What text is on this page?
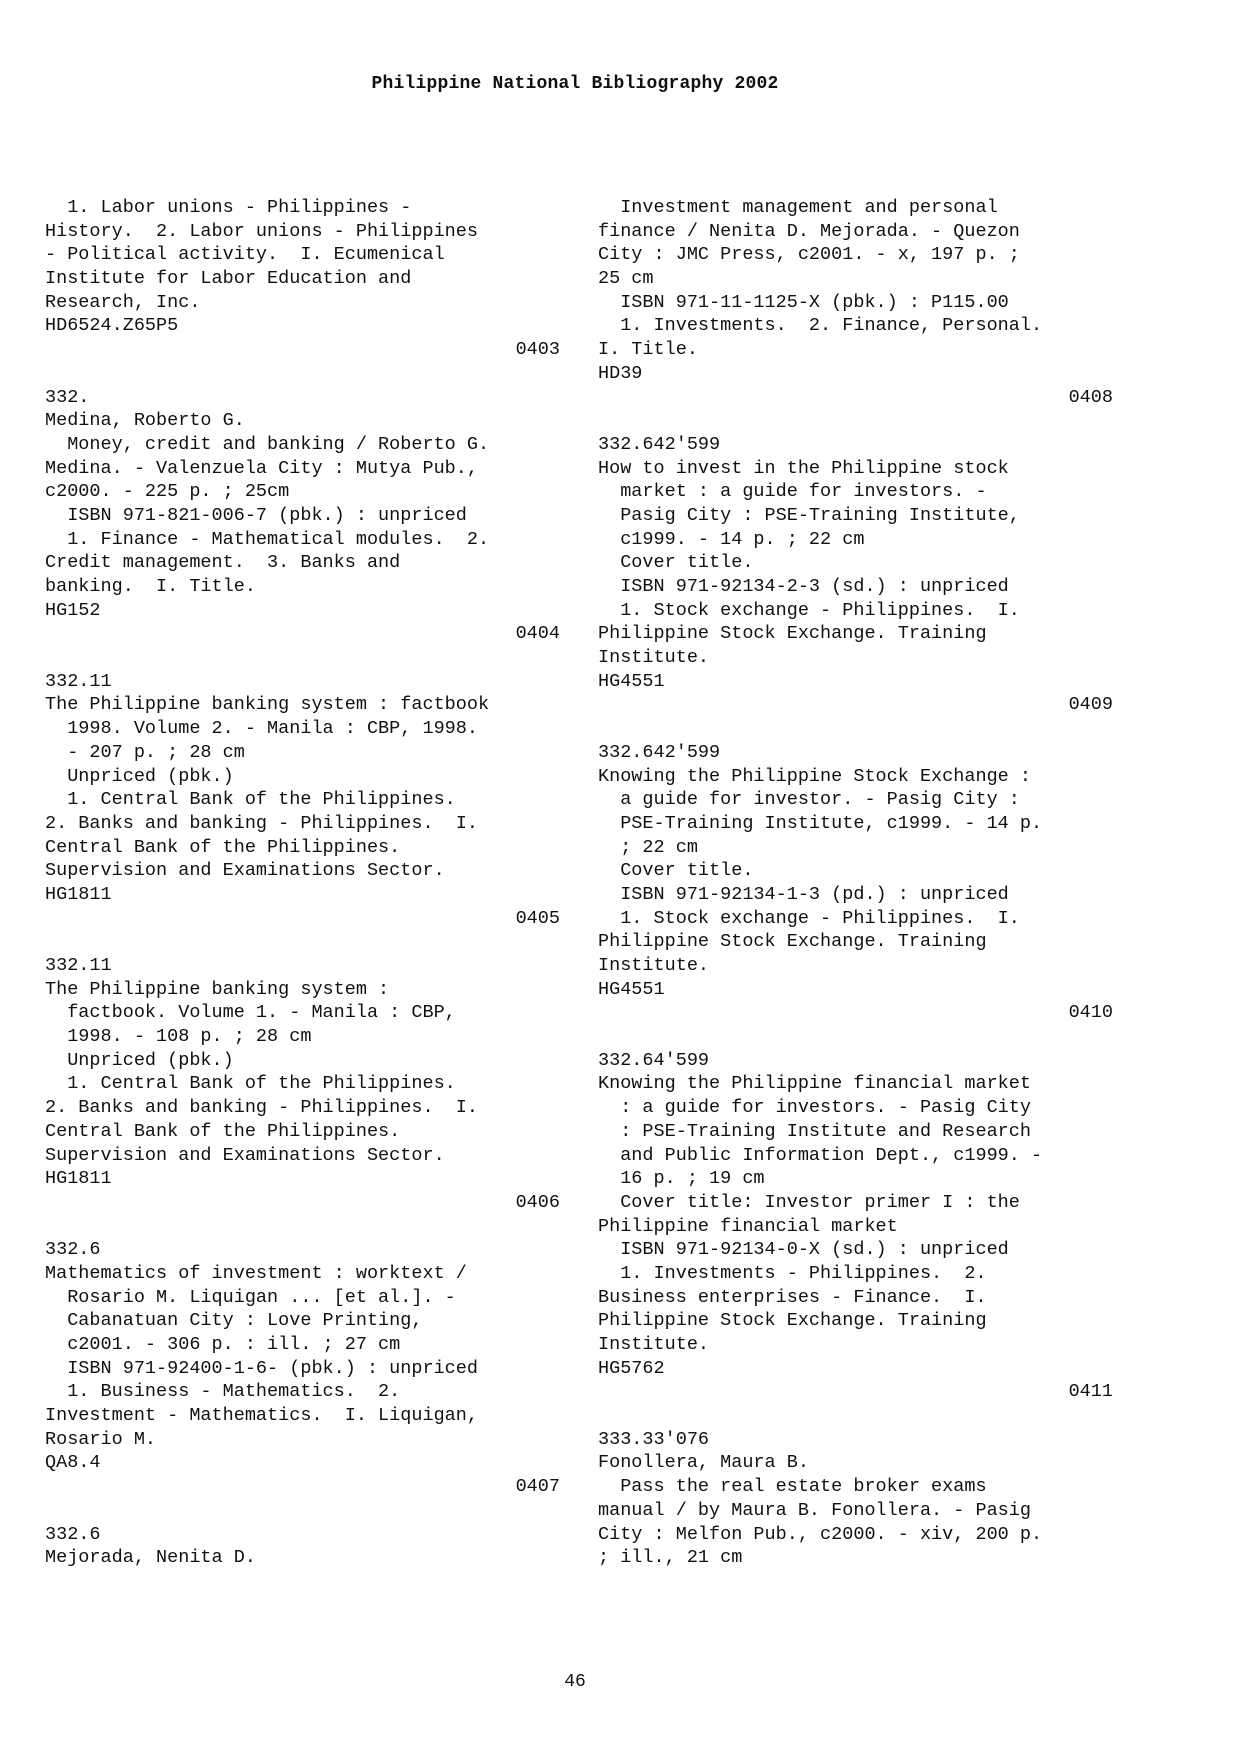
Philippine National Bibliography 2002
1. Labor unions - Philippines -
History.  2. Labor unions - Philippines
- Political activity.  I. Ecumenical
Institute for Labor Education and
Research, Inc.
HD6524.Z65P5
0403
332.
Medina, Roberto G.
Money, credit and banking / Roberto G.
Medina. - Valenzuela City : Mutya Pub.,
c2000. - 225 p. ; 25cm
ISBN 971-821-006-7 (pbk.) : unpriced
1. Finance - Mathematical modules.  2.
Credit management.  3. Banks and
banking.  I. Title.
HG152
0404
332.11
The Philippine banking system : factbook
1998. Volume 2. - Manila : CBP, 1998.
- 207 p. ; 28 cm
Unpriced (pbk.)
1. Central Bank of the Philippines.
2. Banks and banking - Philippines.  I.
Central Bank of the Philippines.
Supervision and Examinations Sector.
HG1811
0405
332.11
The Philippine banking system :
factbook. Volume 1. - Manila : CBP,
1998. - 108 p. ; 28 cm
Unpriced (pbk.)
1. Central Bank of the Philippines.
2. Banks and banking - Philippines.  I.
Central Bank of the Philippines.
Supervision and Examinations Sector.
HG1811
0406
332.6
Mathematics of investment : worktext /
Rosario M. Liquigan ... [et al.]. -
Cabanatuan City : Love Printing,
c2001. - 306 p. : ill. ; 27 cm
ISBN 971-92400-1-6- (pbk.) : unpriced
1. Business - Mathematics.  2.
Investment - Mathematics.  I. Liquigan,
Rosario M.
QA8.4
0407
332.6
Mejorada, Nenita D.
Investment management and personal
finance / Nenita D. Mejorada. - Quezon
City : JMC Press, c2001. - x, 197 p. ;
25 cm
ISBN 971-11-1125-X (pbk.) : P115.00
1. Investments.  2. Finance, Personal.
I. Title.
HD39
0408
332.642'599
How to invest in the Philippine stock
market : a guide for investors. -
Pasig City : PSE-Training Institute,
c1999. - 14 p. ; 22 cm
Cover title.
ISBN 971-92134-2-3 (sd.) : unpriced
1. Stock exchange - Philippines.  I.
Philippine Stock Exchange. Training
Institute.
HG4551
0409
332.642'599
Knowing the Philippine Stock Exchange :
a guide for investor. - Pasig City :
PSE-Training Institute, c1999. - 14 p.
; 22 cm
Cover title.
ISBN 971-92134-1-3 (pd.) : unpriced
1. Stock exchange - Philippines.  I.
Philippine Stock Exchange. Training
Institute.
HG4551
0410
332.64'599
Knowing the Philippine financial market
: a guide for investors. - Pasig City
: PSE-Training Institute and Research
and Public Information Dept., c1999. -
16 p. ; 19 cm
Cover title: Investor primer I : the
Philippine financial market
ISBN 971-92134-0-X (sd.) : unpriced
1. Investments - Philippines.  2.
Business enterprises - Finance.  I.
Philippine Stock Exchange. Training
Institute.
HG5762
0411
333.33'076
Fonollera, Maura B.
Pass the real estate broker exams
manual / by Maura B. Fonollera. - Pasig
City : Melfon Pub., c2000. - xiv, 200 p.
; ill., 21 cm
46
